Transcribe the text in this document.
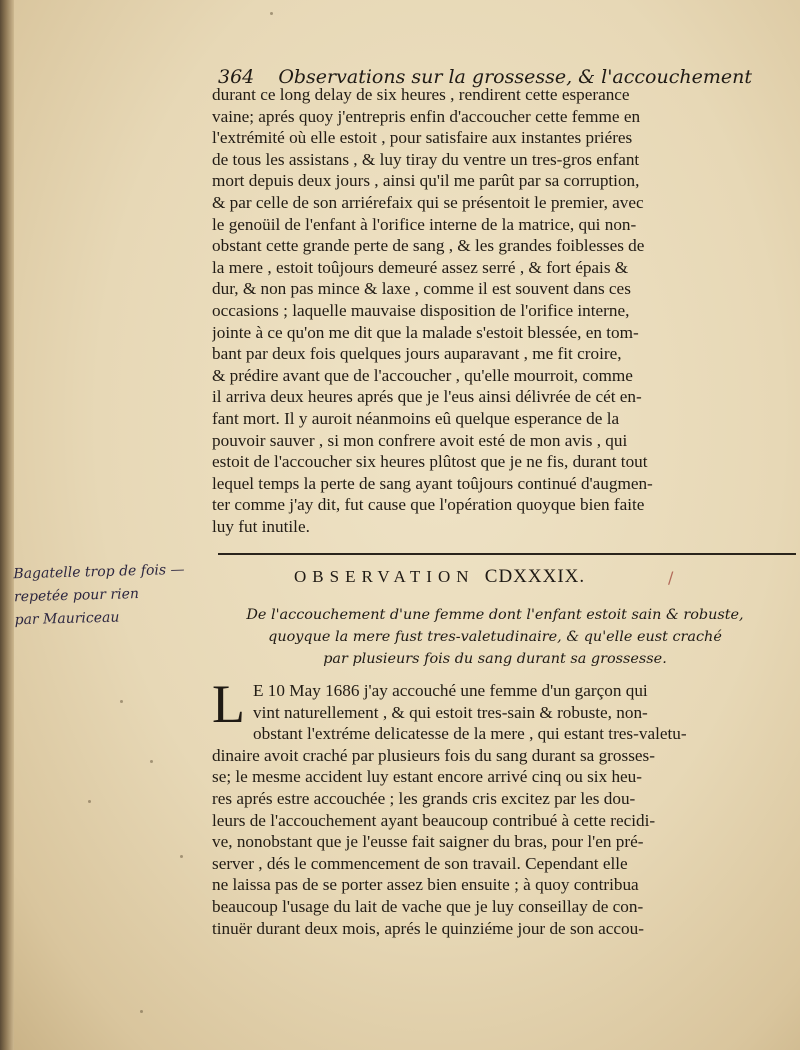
364 Observations sur la grossesse, & l'accouchement
durant ce long delay de six heures , rendirent cette esperance
vaine; aprés quoy j'entrepris enfin d'accoucher cette femme en
l'extrémité où elle estoit , pour satisfaire aux instantes priéres
de tous les assistans , & luy tiray du ventre un tres-gros enfant
mort depuis deux jours , ainsi qu'il me parût par sa corruption,
& par celle de son arriérefaix qui se présentoit le premier, avec
le genoüil de l'enfant à l'orifice interne de la matrice, qui non-
obstant cette grande perte de sang , & les grandes foiblesses de
la mere , estoit toûjours demeuré assez serré , & fort épais &
dur, & non pas mince & laxe , comme il est souvent dans ces
occasions ; laquelle mauvaise disposition de l'orifice interne,
jointe à ce qu'on me dit que la malade s'estoit blessée, en tom-
bant par deux fois quelques jours auparavant , me fit croire,
& prédire avant que de l'accoucher , qu'elle mourroit, comme
il arriva deux heures aprés que je l'eus ainsi délivrée de cét en-
fant mort. Il y auroit néanmoins eû quelque esperance de la
pouvoir sauver , si mon confrere avoit esté de mon avis , qui
estoit de l'accoucher six heures plûtost que je ne fis, durant tout
lequel temps la perte de sang ayant toûjours continué d'augmen-
ter comme j'ay dit, fut cause que l'opération quoyque bien faite
luy fut inutile.
Bagatelle trop de fois —
repetée pour rien
par Mauriceau
OBSERVATION CDXXXIX.	/
De l'accouchement d'une femme dont l'enfant estoit sain & robuste,
quoyque la mere fust tres-valetudinaire, & qu'elle eust craché
par plusieurs fois du sang durant sa grossesse.
L E 10 May 1686 j'ay accouché une femme d'un garçon qui
vint naturellement , & qui estoit tres-sain & robuste, non-
obstant l'extréme delicatesse de la mere , qui estant tres-valetu-
dinaire avoit craché par plusieurs fois du sang durant sa grosses-
se; le mesme accident luy estant encore arrivé cinq ou six heu-
res aprés estre accouchée ; les grands cris excitez par les dou-
leurs de l'accouchement ayant beaucoup contribué à cette recidi-
ve, nonobstant que je l'eusse fait saigner du bras, pour l'en pré-
server , dés le commencement de son travail. Cependant elle
ne laissa pas de se porter assez bien ensuite ; à quoy contribua
beaucoup l'usage du lait de vache que je luy conseillay de con-
tinuër durant deux mois, aprés le quinziéme jour de son accou-
